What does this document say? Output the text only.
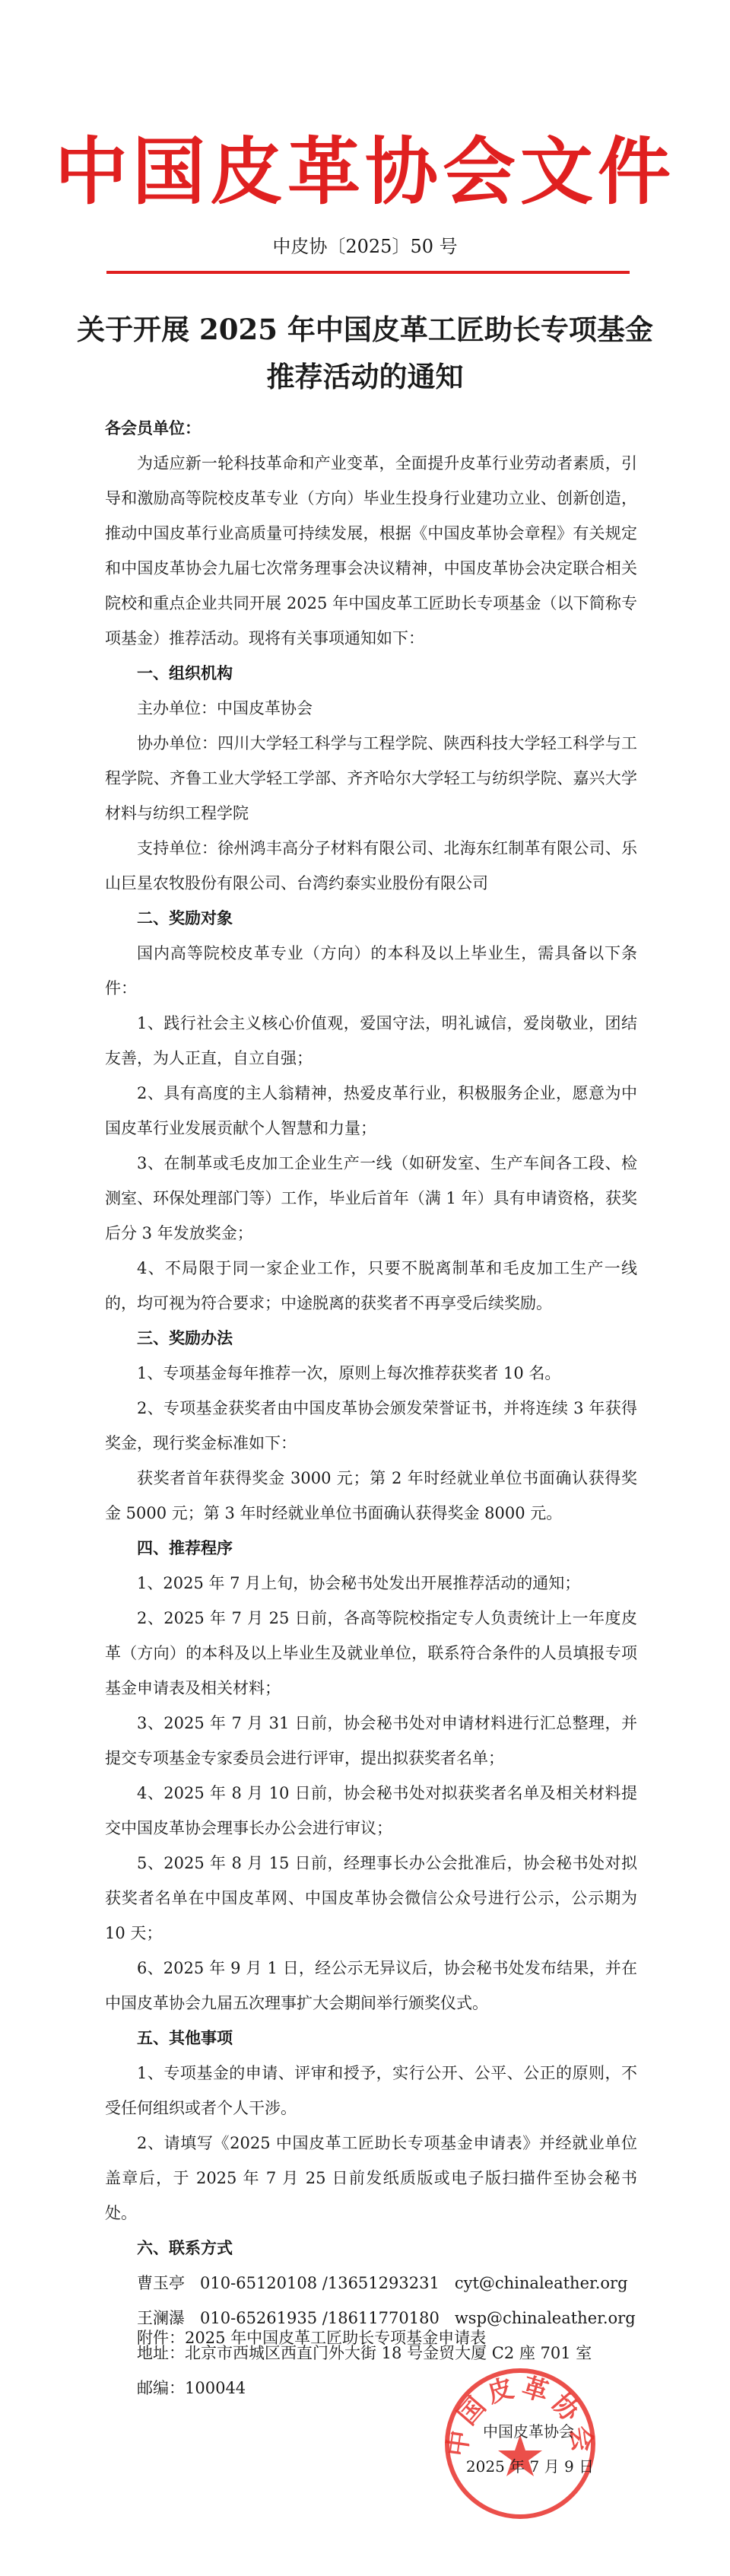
中国皮革协会文件
中皮协〔2025〕50 号
关于开展 2025 年中国皮革工匠助长专项基金
推荐活动的通知

各会员单位：

为适应新一轮科技革命和产业变革，全面提升皮革行业劳动者素质，引导和激励高等院校皮革专业（方向）毕业生投身行业建功立业、创新创造，推动中国皮革行业高质量可持续发展，根据《中国皮革协会章程》有关规定和中国皮革协会九届七次常务理事会决议精神，中国皮革协会决定联合相关院校和重点企业共同开展 2025 年中国皮革工匠助长专项基金（以下简称专项基金）推荐活动。现将有关事项通知如下：

一、组织机构

主办单位：中国皮革协会

协办单位：四川大学轻工科学与工程学院、陕西科技大学轻工科学与工程学院、齐鲁工业大学轻工学部、齐齐哈尔大学轻工与纺织学院、嘉兴大学材料与纺织工程学院

支持单位：徐州鸿丰高分子材料有限公司、北海东红制革有限公司、乐山巨星农牧股份有限公司、台湾约泰实业股份有限公司

二、奖励对象

国内高等院校皮革专业（方向）的本科及以上毕业生，需具备以下条件：

1、践行社会主义核心价值观，爱国守法，明礼诚信，爱岗敬业，团结友善，为人正直，自立自强；

2、具有高度的主人翁精神，热爱皮革行业，积极服务企业，愿意为中国皮革行业发展贡献个人智慧和力量；

3、在制革或毛皮加工企业生产一线（如研发室、生产车间各工段、检测室、环保处理部门等）工作，毕业后首年（满 1 年）具有申请资格，获奖后分 3 年发放奖金；

4、不局限于同一家企业工作，只要不脱离制革和毛皮加工生产一线的，均可视为符合要求；中途脱离的获奖者不再享受后续奖励。

三、奖励办法

1、专项基金每年推荐一次，原则上每次推荐获奖者 10 名。

2、专项基金获奖者由中国皮革协会颁发荣誉证书，并将连续 3 年获得奖金，现行奖金标准如下：

获奖者首年获得奖金 3000 元；第 2 年时经就业单位书面确认获得奖金 5000 元；第 3 年时经就业单位书面确认获得奖金 8000 元。

四、推荐程序

1、2025 年 7 月上旬，协会秘书处发出开展推荐活动的通知；

2、2025 年 7 月 25 日前，各高等院校指定专人负责统计上一年度皮革（方向）的本科及以上毕业生及就业单位，联系符合条件的人员填报专项基金申请表及相关材料；

3、2025 年 7 月 31 日前，协会秘书处对申请材料进行汇总整理，并提交专项基金专家委员会进行评审，提出拟获奖者名单；

4、2025 年 8 月 10 日前，协会秘书处对拟获奖者名单及相关材料提交中国皮革协会理事长办公会进行审议；

5、2025 年 8 月 15 日前，经理事长办公会批准后，协会秘书处对拟获奖者名单在中国皮革网、中国皮革协会微信公众号进行公示，公示期为 10 天；

6、2025 年 9 月 1 日，经公示无异议后，协会秘书处发布结果，并在中国皮革协会九届五次理事扩大会期间举行颁奖仪式。

五、其他事项

1、专项基金的申请、评审和授予，实行公开、公平、公正的原则，不受任何组织或者个人干涉。

2、请填写《2025 中国皮革工匠助长专项基金申请表》并经就业单位盖章后，于 2025 年 7 月 25 日前发纸质版或电子版扫描件至协会秘书处。

六、联系方式

曹玉亭   010-65120108 /13651293231   cyt@chinaleather.org

王澜瀑   010-65261935 /18611770180   wsp@chinaleather.org

地址：北京市西城区西直门外大街 18 号金贸大厦 C2 座 701 室

邮编：100044

附件：2025 年中国皮革工匠助长专项基金申请表
中国皮革协会
中国皮革协会
2025 年 7 月 9 日
